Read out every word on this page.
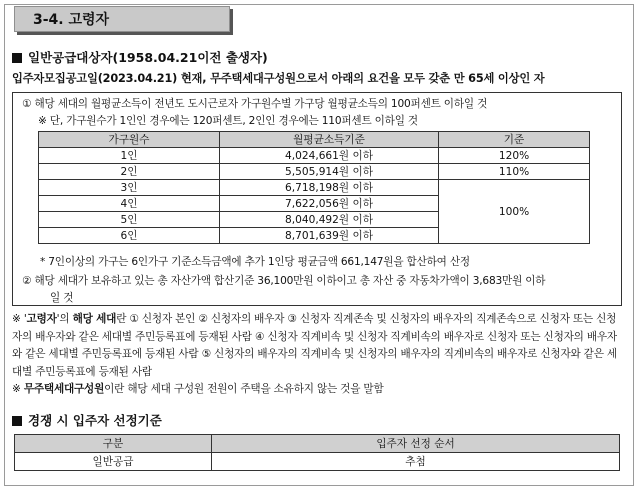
3-4. 고령자
일반공급대상자(1958.04.21이전 출생자)
입주자모집공고일(2023.04.21) 현재, 무주택세대구성원으로서 아래의 요건을 모두 갖춘 만 65세 이상인 자
① 해당 세대의 월평균소득이 전년도 도시근로자 가구원수별 가구당 월평균소득의 100퍼센트 이하일 것
※ 단, 가구원수가 1인인 경우에는 120퍼센트, 2인인 경우에는 110퍼센트 이하일 것
가구원수	월평균소득기준	기준
1인	4,024,661원 이하	120%
2인	5,505,914원 이하	110%
3인	6,718,198원 이하	100%
4인	7,622,056원 이하	
5인	8,040,492원 이하	
6인	8,701,639원 이하	
* 7인이상의 가구는 6인가구 기준소득금액에 추가 1인당 평균금액 661,147원을 합산하여 산정
② 해당 세대가 보유하고 있는 총 자산가액 합산기준 36,100만원 이하이고 총 자산 중 자동차가액이 3,683만원 이하
일 것
※ '고령자'의 해당 세대란 ① 신청자 본인 ② 신청자의 배우자 ③ 신청자 직계존속 및 신청자의 배우자의 직계존속으로 신청자 또는 신청자의 배우자와 같은 세대별 주민등록표에 등재된 사람 ④ 신청자 직계비속 및 신청자 직계비속의 배우자로 신청자 또는 신청자의 배우자와 같은 세대별 주민등록표에 등재된 사람 ⑤ 신청자의 배우자의 직계비속 및 신청자의 배우자의 직계비속의 배우자로 신청자와 같은 세대별 주민등록표에 등재된 사람
※ 무주택세대구성원이란 해당 세대 구성원 전원이 주택을 소유하지 않는 것을 말함
경쟁 시 입주자 선정기준
구분	입주자 선정 순서
일반공급	추첨
